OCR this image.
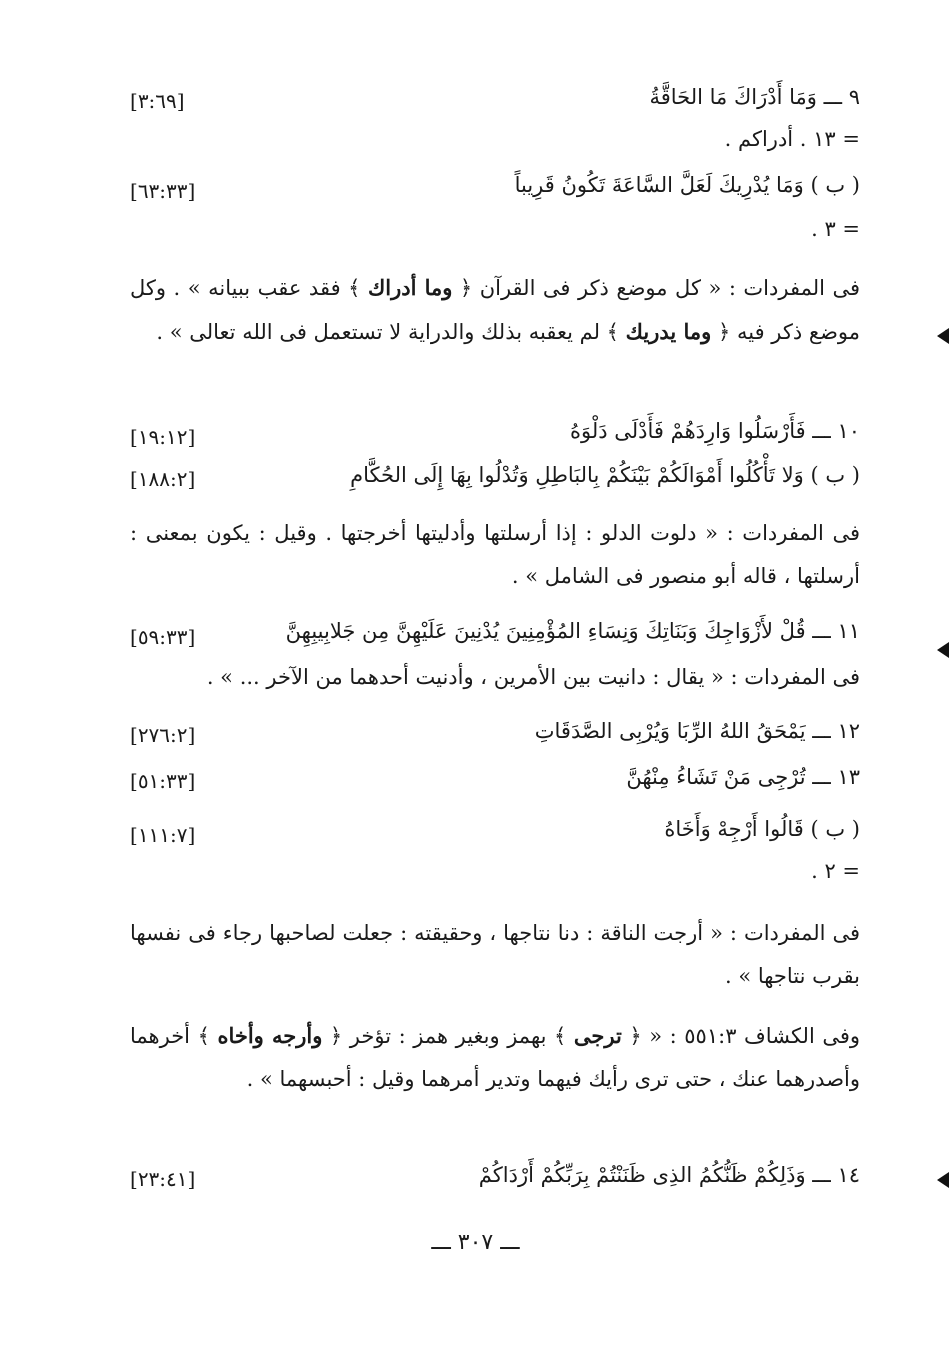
٩ ـــ وَمَا أَدْرَاكَ مَا الحَاقَّةُ
[٣:٦٩]
= ١٣ . أدراكم .
( ب ) وَمَا يُدْرِيكَ لَعَلَّ السَّاعَةَ تَكُونُ قَرِيباً
[٦٣:٣٣]
= ٣ .
فى المفردات : « كل موضع ذكر فى القرآن ﴿ وما أدراك ﴾ فقد عقب ببيانه » . وكل موضع ذكر فيه ﴿ وما يدريك ﴾ لم يعقبه بذلك والدراية لا تستعمل فى الله تعالى » .
١٠ ـــ فَأَرْسَلُوا وَارِدَهُمْ فَأَدْلَى دَلْوَهُ
[١٩:١٢]
( ب ) وَلا تَأْكُلُوا أَمْوَالَكُمْ بَيْنَكُمْ بِالبَاطِلِ وَتُدْلُوا بِهَا إِلَى الحُكَّامِ
[١٨٨:٢]
فى المفردات : « دلوت الدلو : إذا أرسلتها وأدليتها أخرجتها . وقيل : يكون بمعنى : أرسلتها ، قاله أبو منصور فى الشامل » .
١١ ـــ قُلْ لأَزْوَاجِكَ وَبَنَاتِكَ وَنِسَاءِ المُؤْمِنِينَ يُدْنِينَ عَلَيْهِنَّ مِن جَلابِيبِهِنَّ
[٥٩:٣٣]
فى المفردات : « يقال : دانيت بين الأمرين ، وأدنيت أحدهما من الآخر ... » .
١٢ ـــ يَمْحَقُ اللهُ الرِّبَا وَيُرْبِى الصَّدَقَاتِ
[٢٧٦:٢]
١٣ ـــ تُرْجِى مَنْ تَشَاءُ مِنْهُنَّ
[٥١:٣٣]
( ب ) قَالُوا أَرْجِهْ وَأَخَاهُ
[١١١:٧]
= ٢ .
فى المفردات : « أرجت الناقة : دنا نتاجها ، وحقيقته : جعلت لصاحبها رجاء فى نفسها بقرب نتاجها » .
وفى الكشاف ٥٥١:٣ : « ﴿ ترجى ﴾ بهمز وبغير همز : تؤخر ﴿ وأرجه وأخاه ﴾ أخرهما وأصدرهما عنك ، حتى ترى رأيك فيهما وتدير أمرهما وقيل : أحبسهما » .
١٤ ـــ وَذَلِكُمْ ظَنُّكُمُ الذِى ظَنَنْتُمْ بِرَبِّكُمْ أَرْدَاكُمْ
[٢٣:٤١]
ـــ ٣٠٧ ـــ
